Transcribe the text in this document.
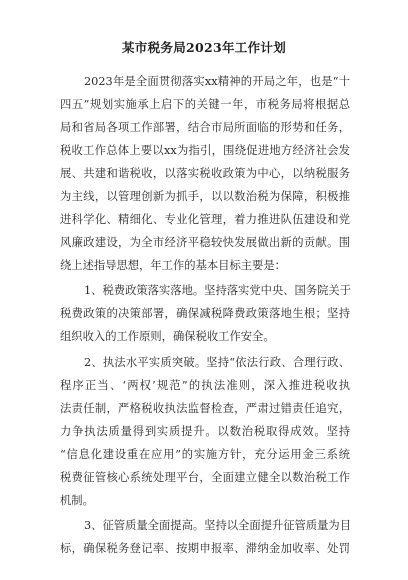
某市税务局2023年工作计划
2023年是全面贯彻落实xx精神的开局之年，也是“十
四五”规划实施承上启下的关键一年，市税务局将根据总
局和省局各项工作部署，结合市局所面临的形势和任务，
税收工作总体上要以xx为指引，围绕促进地方经济社会发
展、共建和谐税收，以落实税收政策为中心，以纳税服务
为主线，以管理创新为抓手，以以数治税为保障，积极推
进科学化、精细化、专业化管理，着力推进队伍建设和党
风廉政建设，为全市经济平稳较快发展做出新的贡献。围
绕上述指导思想，年工作的基本目标主要是：
1、税费政策落实落地。坚持落实党中央、国务院关于
税费政策的决策部署，确保减税降费政策落地生根；坚持
组织收入的工作原则，确保税收工作安全。
2、执法水平实质突破。坚持“依法行政、合理行政、
程序正当、‘两权’规范”的执法准则，深入推进税收执
法责任制，严格税收执法监督检查，严肃过错责任追究，
力争执法质量得到实质提升。以数治税取得成效。坚持
“信息化建设重在应用”的实施方针，充分运用金三系统
税费征管核心系统处理平台，全面建立健全以数治税工作
机制。
3、征管质量全面提高。坚持以全面提升征管质量为目
标，确保税务登记率、按期申报率、滞纳金加收率、处罚
